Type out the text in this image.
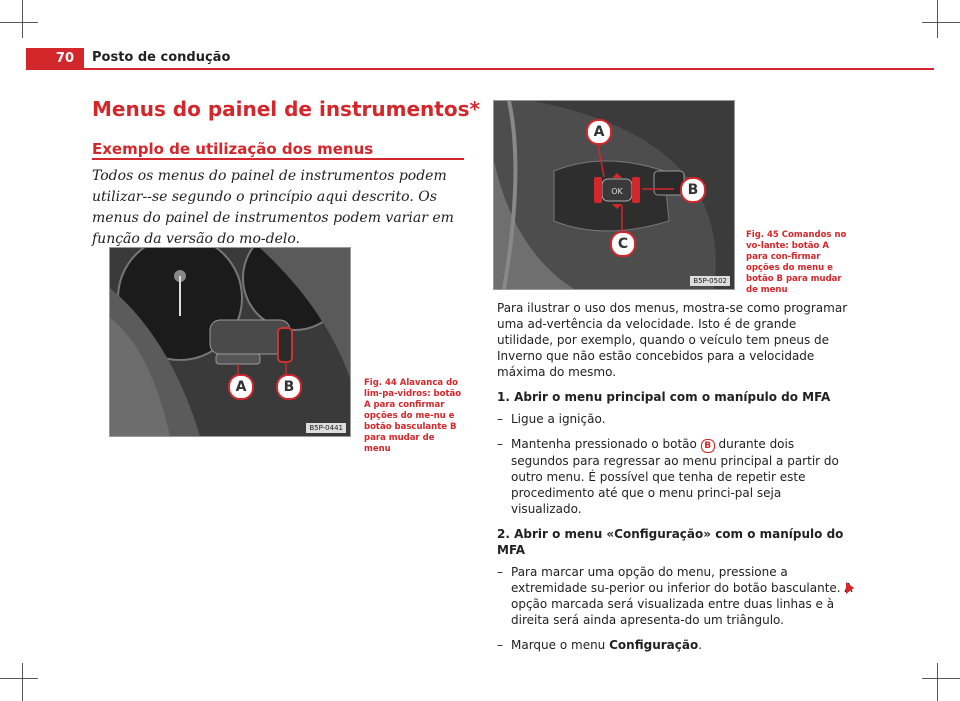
70	Posto de condução
Menus do painel de instrumentos*
Exemplo de utilização dos menus
Todos os menus do painel de instrumentos podem utilizar--se segundo o princípio aqui descrito. Os menus do painel de instrumentos podem variar em função da versão do mo-delo.
A	B
B5P-0441
Fig. 44 Alavanca do lim-pa-vidros: botão A para confirmar opções do me-nu e botão basculante B para mudar de menu
OK
A
B
C
B5P-0502
Fig. 45 Comandos no vo-lante: botão A para con-firmar opções do menu e botão B para mudar de menu

Para ilustrar o uso dos menus, mostra-se como programar uma ad-vertência da velocidade. Isto é de grande utilidade, por exemplo, quando o veículo tem pneus de Inverno que não estão concebidos para a velocidade máxima do mesmo.

1. Abrir o menu principal com o manípulo do MFA
– Ligue a ignição.
– Mantenha pressionado o botão B durante dois segundos para regressar ao menu principal a partir do outro menu. É possível que tenha de repetir este procedimento até que o menu princi-pal seja visualizado.
2. Abrir o menu «Configuração» com o manípulo do MFA
– Para marcar uma opção do menu, pressione a extremidade su-perior ou inferior do botão basculante. A opção marcada será visualizada entre duas linhas e à direita será ainda apresenta-do um triângulo.
– Marque o menu Configuração.
